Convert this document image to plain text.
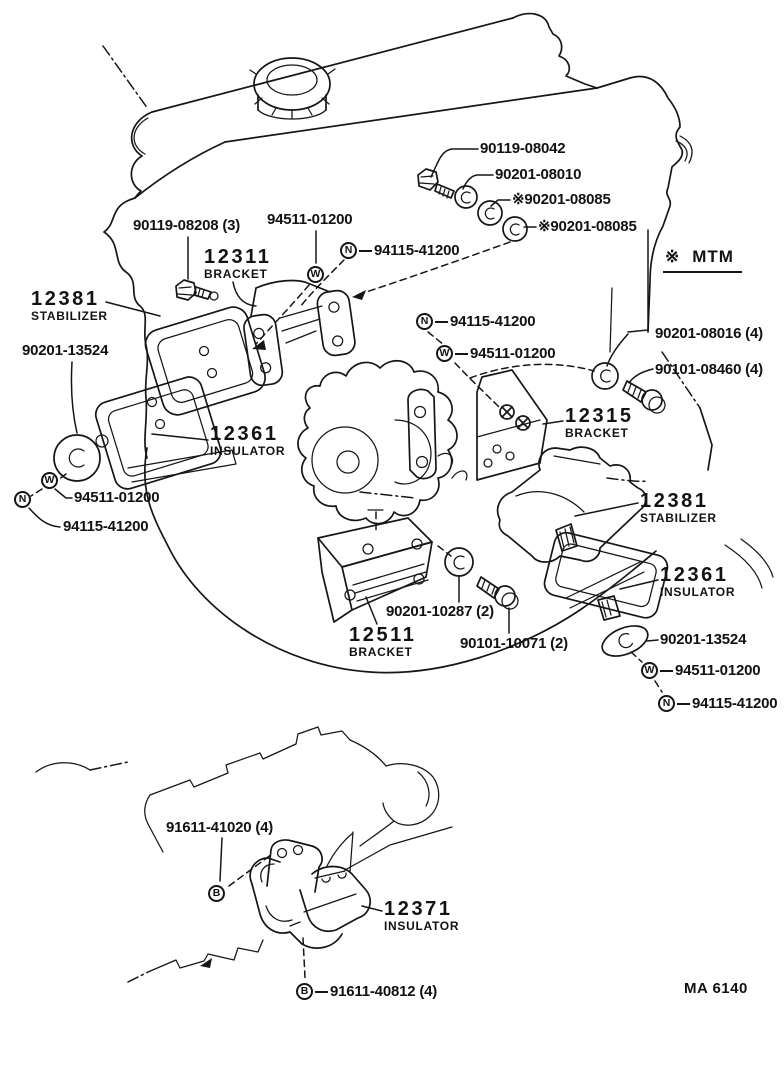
90119-08042
90201-08010
※90201-08085
※90201-08085
90119-08208 (3) 94511-01200
N	94115-41200
12311
BRACKET
12381
STABILIZER
90201-13524
12361
INSULATOR
94511-01200
94115-41200
N	94115-41200
W 94511-01200
90201-08016 (4)
90101-08460 (4)
12315
BRACKET
12381
STABILIZER
12361
INSULATOR
90201-10287 (2)
12511
BRACKET	90101-10071 (2)	90201-13524
W 94511-01200
N	94115-41200
91611-41020 (4)
12371
INSULATOR
B	91611-40812 (4)
W
W
N
B
※ MTM
MA 6140
